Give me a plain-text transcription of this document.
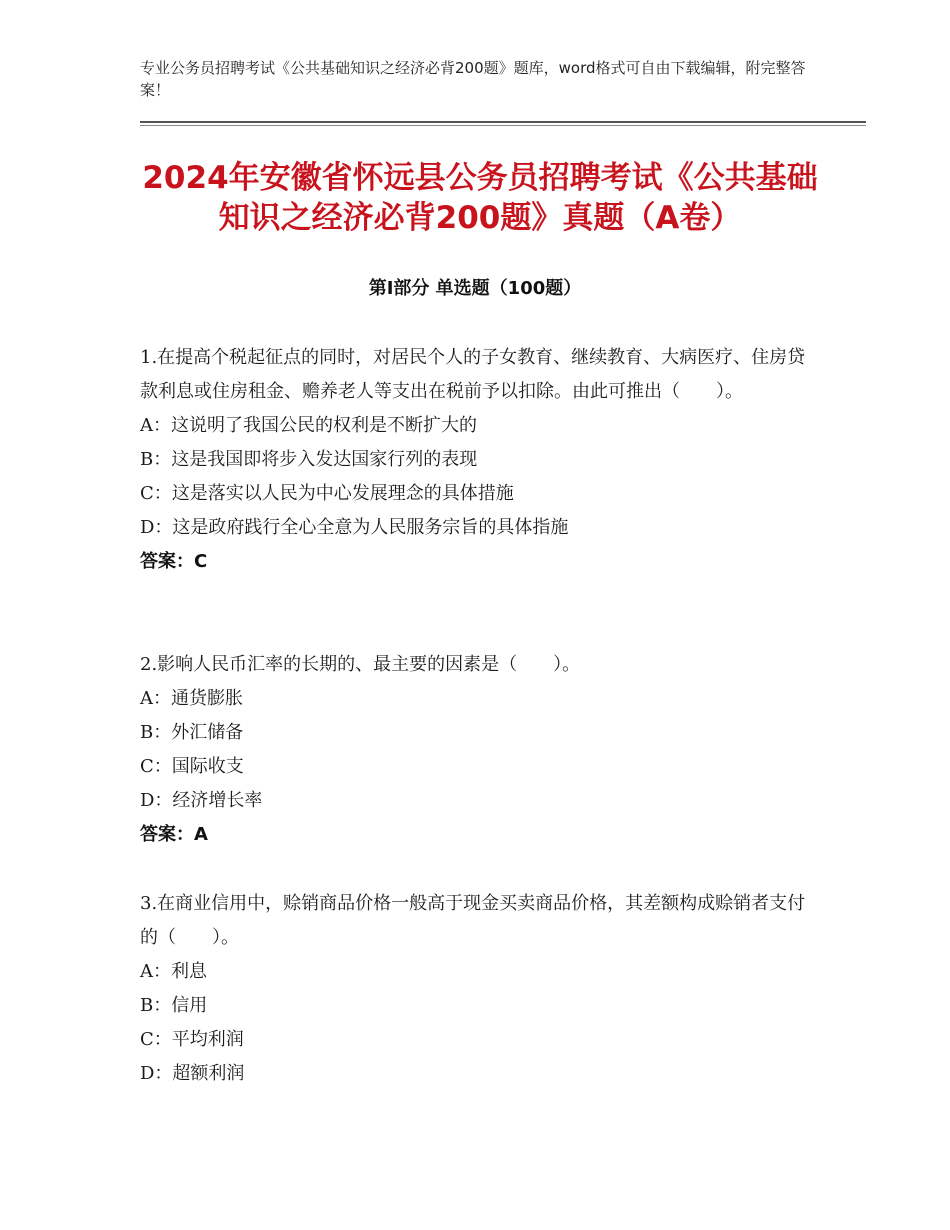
专业公务员招聘考试《公共基础知识之经济必背200题》题库，word格式可自由下载编辑，附完整答案！
2024年安徽省怀远县公务员招聘考试《公共基础知识之经济必背200题》真题（A卷）
第Ⅰ部分 单选题（100题）
1.在提高个税起征点的同时，对居民个人的子女教育、继续教育、大病医疗、住房贷款利息或住房租金、赡养老人等支出在税前予以扣除。由此可推出（　　）。
A：这说明了我国公民的权利是不断扩大的
B：这是我国即将步入发达国家行列的表现
C：这是落实以人民为中心发展理念的具体措施
D：这是政府践行全心全意为人民服务宗旨的具体指施
答案：C
2.影响人民币汇率的长期的、最主要的因素是（　　）。
A：通货膨胀
B：外汇储备
C：国际收支
D：经济增长率
答案：A
3.在商业信用中，赊销商品价格一般高于现金买卖商品价格，其差额构成赊销者支付的（　　）。
A：利息
B：信用
C：平均利润
D：超额利润
